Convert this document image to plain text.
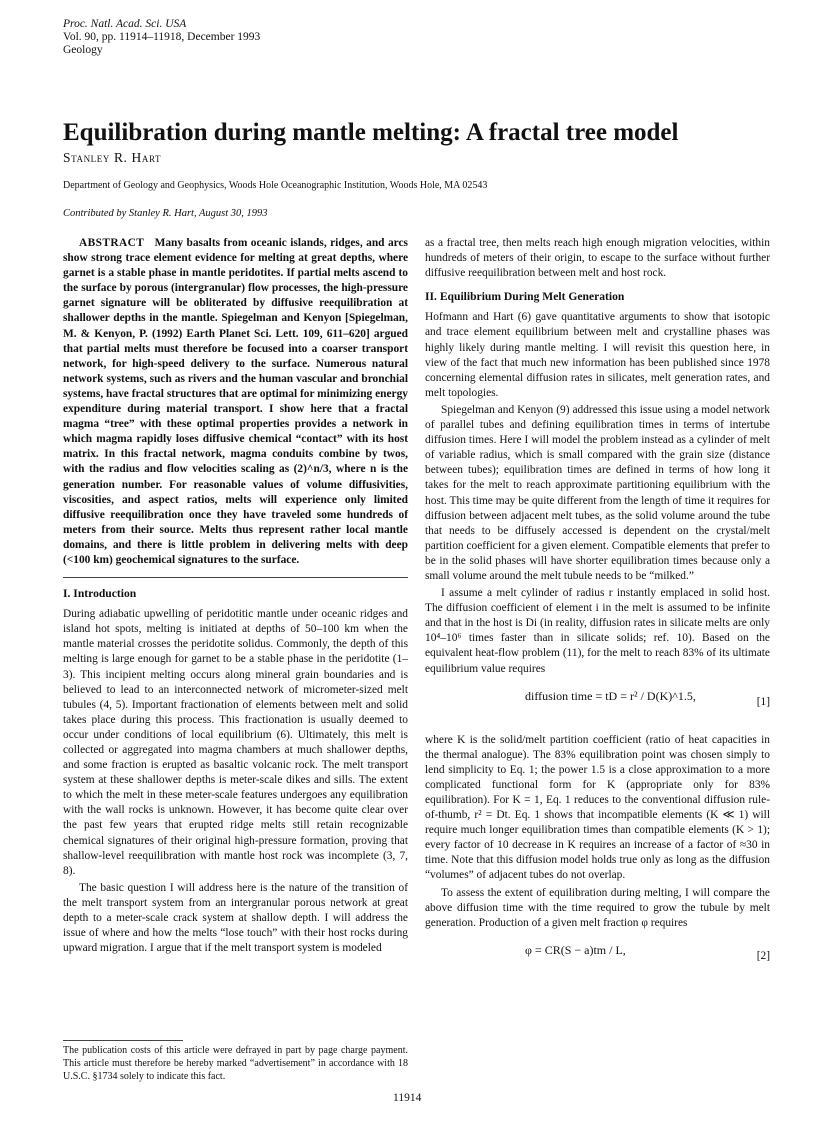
Proc. Natl. Acad. Sci. USA
Vol. 90, pp. 11914–11918, December 1993
Geology
Equilibration during mantle melting: A fractal tree model
Stanley R. Hart
Department of Geology and Geophysics, Woods Hole Oceanographic Institution, Woods Hole, MA 02543
Contributed by Stanley R. Hart, August 30, 1993

ABSTRACT Many basalts from oceanic islands, ridges, and arcs show strong trace element evidence for melting at great depths, where garnet is a stable phase in mantle peridotites. If partial melts ascend to the surface by porous (intergranular) flow processes, the high-pressure garnet signature will be obliterated by diffusive reequilibration at shallower depths in the mantle. Spiegelman and Kenyon [Spiegelman, M. & Kenyon, P. (1992) Earth Planet Sci. Lett. 109, 611–620] argued that partial melts must therefore be focused into a coarser transport network, for high-speed delivery to the surface. Numerous natural network systems, such as rivers and the human vascular and bronchial systems, have fractal structures that are optimal for minimizing energy expenditure during material transport. I show here that a fractal magma “tree” with these optimal properties provides a network in which magma rapidly loses diffusive chemical “contact” with its host matrix. In this fractal network, magma conduits combine by twos, with the radius and flow velocities scaling as (2)^n/3, where n is the generation number. For reasonable values of volume diffusivities, viscosities, and aspect ratios, melts will experience only limited diffusive reequilibration once they have traveled some hundreds of meters from their source. Melts thus represent rather local mantle domains, and there is little problem in delivering melts with deep (<100 km) geochemical signatures to the surface.

I. Introduction

During adiabatic upwelling of peridotitic mantle under oceanic ridges and island hot spots, melting is initiated at depths of 50–100 km when the mantle material crosses the peridotite solidus. Commonly, the depth of this melting is large enough for garnet to be a stable phase in the peridotite (1–3). This incipient melting occurs along mineral grain boundaries and is believed to lead to an interconnected network of micrometer-sized melt tubules (4, 5). Important fractionation of elements between melt and solid takes place during this process. This fractionation is usually deemed to occur under conditions of local equilibrium (6). Ultimately, this melt is collected or aggregated into magma chambers at much shallower depths, and some fraction is erupted as basaltic volcanic rock. The melt transport system at these shallower depths is meter-scale dikes and sills. The extent to which the melt in these meter-scale features undergoes any equilibration with the wall rocks is unknown. However, it has become quite clear over the past few years that erupted ridge melts still retain recognizable chemical signatures of their original high-pressure formation, proving that shallow-level reequilibration with mantle host rock was incomplete (3, 7, 8).

The basic question I will address here is the nature of the transition of the melt transport system from an intergranular porous network at great depth to a meter-scale crack system at shallow depth. I will address the issue of where and how the melts “lose touch” with their host rocks during upward migration. I argue that if the melt transport system is modeled

as a fractal tree, then melts reach high enough migration velocities, within hundreds of meters of their origin, to escape to the surface without further diffusive reequilibration between melt and host rock.

II. Equilibrium During Melt Generation

Hofmann and Hart (6) gave quantitative arguments to show that isotopic and trace element equilibrium between melt and crystalline phases was highly likely during mantle melting. I will revisit this question here, in view of the fact that much new information has been published since 1978 concerning elemental diffusion rates in silicates, melt generation rates, and melt topologies.

Spiegelman and Kenyon (9) addressed this issue using a model network of parallel tubes and defining equilibration times in terms of intertube diffusion times. Here I will model the problem instead as a cylinder of melt of variable radius, which is small compared with the grain size (distance between tubes); equilibration times are defined in terms of how long it takes for the melt to reach approximate partitioning equilibrium with the host. This time may be quite different from the length of time it requires for diffusion between adjacent melt tubes, as the solid volume around the tube that needs to be diffusely accessed is dependent on the crystal/melt partition coefficient for a given element. Compatible elements that prefer to be in the solid phases will have shorter equilibration times because only a small volume around the melt tubule needs to be “milked.”

I assume a melt cylinder of radius r instantly emplaced in solid host. The diffusion coefficient of element i in the melt is assumed to be infinite and that in the host is Di (in reality, diffusion rates in silicate melts are only 10⁴–10⁶ times faster than in silicate solids; ref. 10). Based on the equivalent heat-flow problem (11), for the melt to reach 83% of its ultimate equilibrium value requires

diffusion time = tD = r² / D(K)^1.5,	[1]

where K is the solid/melt partition coefficient (ratio of heat capacities in the thermal analogue). The 83% equilibration point was chosen simply to lend simplicity to Eq. 1; the power 1.5 is a close approximation to a more complicated functional form for K (appropriate only for 83% equilibration). For K = 1, Eq. 1 reduces to the conventional diffusion rule-of-thumb, r² = Dt. Eq. 1 shows that incompatible elements (K ≪ 1) will require much longer equilibration times than compatible elements (K > 1); every factor of 10 decrease in K requires an increase of a factor of ≈30 in time. Note that this diffusion model holds true only as long as the diffusion “volumes” of adjacent tubes do not overlap.

To assess the extent of equilibration during melting, I will compare the above diffusion time with the time required to grow the tubule by melt generation. Production of a given melt fraction φ requires

φ = CR(S − a)tm / L,	[2]
The publication costs of this article were defrayed in part by page charge payment. This article must therefore be hereby marked “advertisement” in accordance with 18 U.S.C. §1734 solely to indicate this fact.
11914
